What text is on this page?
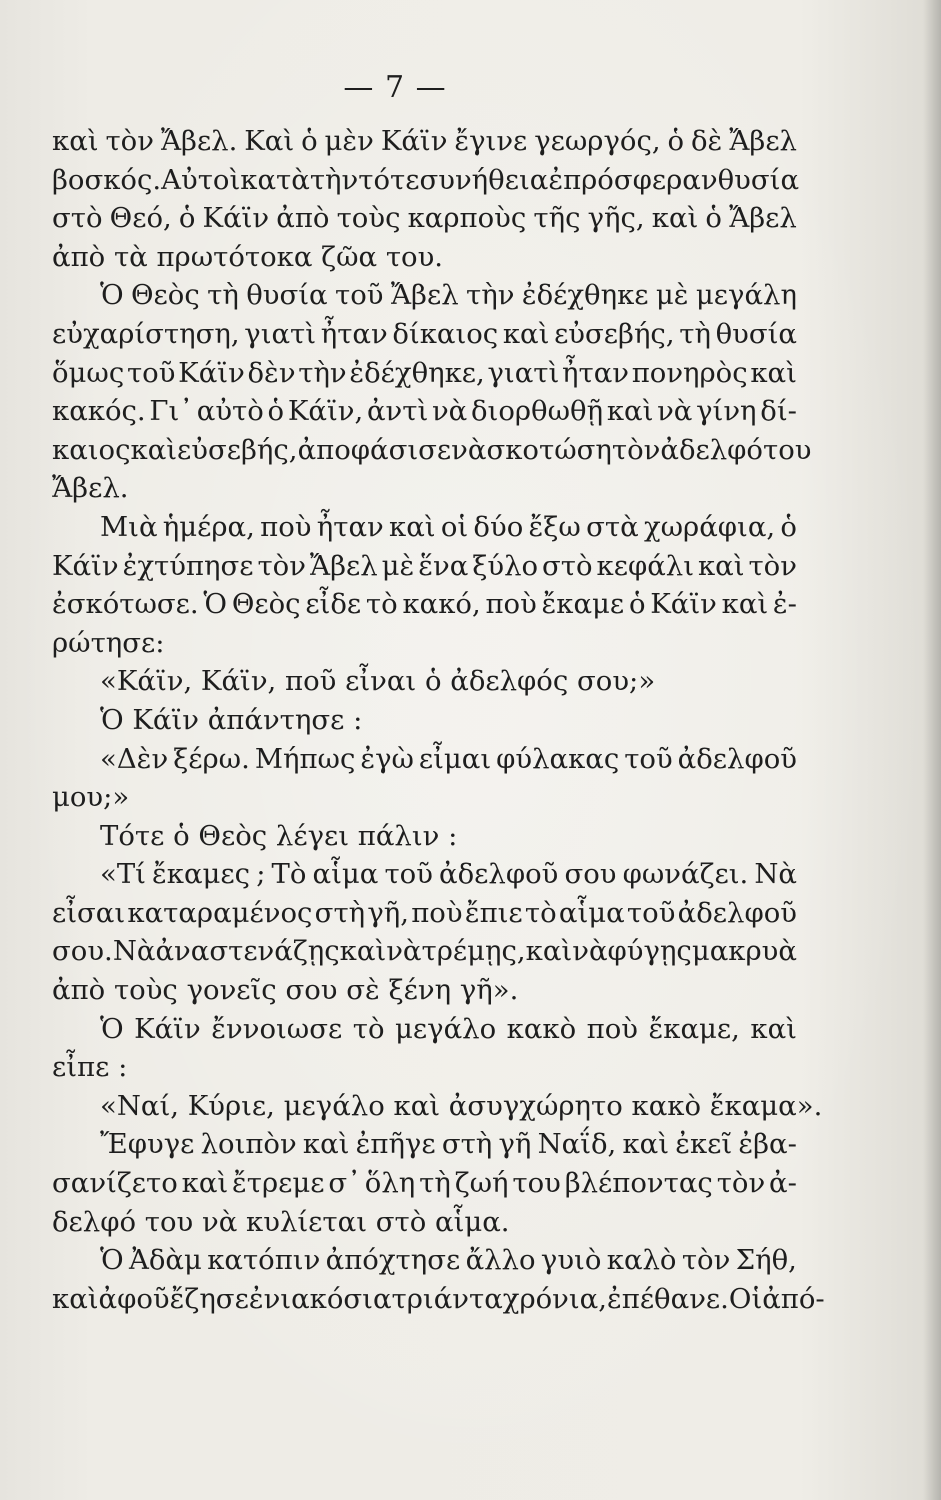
— 7 —
καὶ τὸν Ἄβελ. Καὶ ὁ μὲν Κάϊν ἔγινε γεωργός, ὁ δὲ Ἄβελ
βοσκός. Αὐτοὶ κατὰ τὴν τότε συνήθεια ἐπρόσφεραν θυσία
στὸ Θεό, ὁ Κάϊν ἀπὸ τοὺς καρποὺς τῆς γῆς, καὶ ὁ Ἄβελ
ἀπὸ τὰ πρωτότοκα ζῶα του.
Ὁ Θεὸς τὴ θυσία τοῦ Ἄβελ τὴν ἐδέχθηκε μὲ μεγάλη
εὐχαρίστηση, γιατὶ ἦταν δίκαιος καὶ εὐσεβής, τὴ θυσία
ὅμως τοῦ Κάϊν δὲν τὴν ἐδέχθηκε, γιατὶ ἦταν πονηρὸς καὶ
κακός. Γι᾽ αὐτὸ ὁ Κάϊν, ἀντὶ νὰ διορθωθῇ καὶ νὰ γίνη δί-
καιος καὶ εὐσεβής, ἀποφάσισε νὰ σκοτώση τὸν ἀδελφό του
Ἄβελ.
Μιὰ ἡμέρα, ποὺ ἦταν καὶ οἱ δύο ἔξω στὰ χωράφια, ὁ
Κάϊν ἐχτύπησε τὸν Ἄβελ μὲ ἕνα ξύλο στὸ κεφάλι καὶ τὸν
ἐσκότωσε. Ὁ Θεὸς εἶδε τὸ κακό, ποὺ ἔκαμε ὁ Κάϊν καὶ ἐ-
ρώτησε:
«Κάϊν, Κάϊν, ποῦ εἶναι ὁ ἀδελφός σου;»
Ὁ Κάϊν ἀπάντησε :
«Δὲν ξέρω. Μήπως ἐγὼ εἶμαι φύλακας τοῦ ἀδελφοῦ
μου;»
Τότε ὁ Θεὸς λέγει πάλιν :
«Τί ἔκαμες ; Τὸ αἷμα τοῦ ἀδελφοῦ σου φωνάζει. Νὰ
εἶσαι καταραμένος στὴ γῆ, ποὺ ἔπιε τὸ αἷμα τοῦ ἀδελφοῦ
σου. Νὰ ἀναστενάζῃς καὶ νὰ τρέμῃς, καὶ νὰ φύγῃς μακρυὰ
ἀπὸ τοὺς γονεῖς σου σὲ ξένη γῆ».
Ὁ Κάϊν ἔννοιωσε τὸ μεγάλο κακὸ ποὺ ἔκαμε, καὶ
εἶπε :
«Ναί, Κύριε, μεγάλο καὶ ἀσυγχώρητο κακὸ ἔκαμα».
Ἔφυγε λοιπὸν καὶ ἐπῆγε στὴ γῆ Ναΐδ, καὶ ἐκεῖ ἐβα-
σανίζετο καὶ ἔτρεμε σ᾽ ὅλη τὴ ζωή του βλέποντας τὸν ἀ-
δελφό του νὰ κυλίεται στὸ αἷμα.
Ὁ Ἀδὰμ κατόπιν ἀπόχτησε ἄλλο γυιὸ καλὸ τὸν Σήθ,
καὶ ἀφοῦ ἔζησε ἐνιακόσια τριάντα χρόνια, ἐπέθανε. Οἱ ἀπό-
